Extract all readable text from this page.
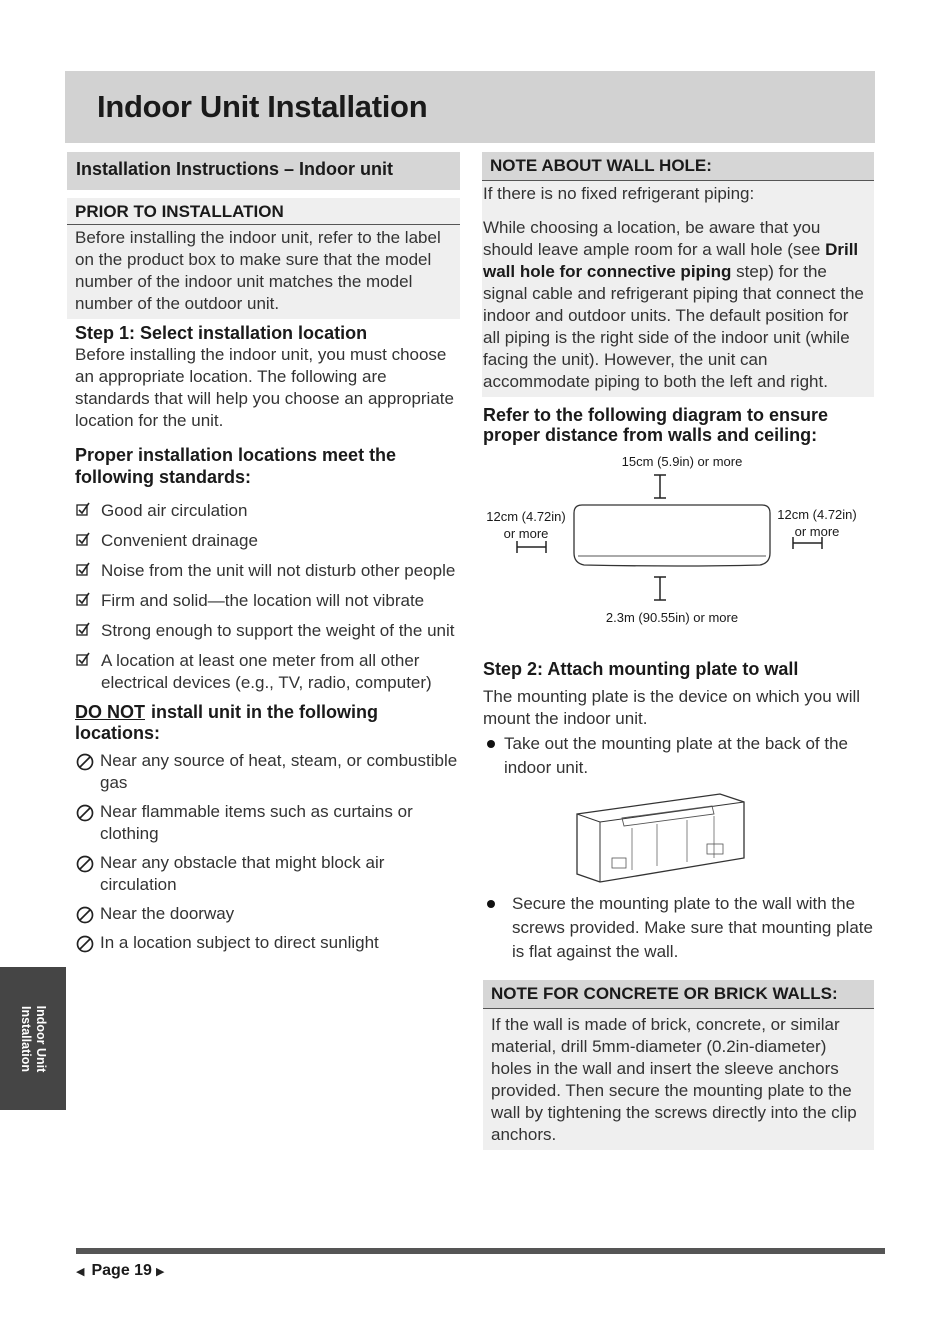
Indoor Unit Installation
Indoor Unit
Installation
Installation Instructions – Indoor unit
PRIOR TO INSTALLATION
Before installing the indoor unit, refer to the label on the product box to make sure that the model number of the indoor unit matches the model number of the outdoor unit.
Step 1: Select installation location
Before installing the indoor unit, you must choose an appropriate location. The following are standards that will help you choose an appropriate location for the unit.
Proper installation locations meet the following standards:
Good air circulation
Convenient drainage
Noise from the unit will not disturb other people
Firm and solid—the location will not vibrate
Strong enough to support the weight of the unit
A location at least one meter from all other electrical devices (e.g., TV, radio, computer)
DO NOT install unit in the following locations:
Near any source of heat, steam, or combustible gas
Near flammable items such as curtains or clothing
Near any obstacle that might block air circulation
Near the doorway
In a location subject to direct sunlight
NOTE ABOUT WALL HOLE:
If there is no fixed refrigerant piping:
While choosing a location, be aware that you should leave ample room for a wall hole (see Drill wall hole for connective piping step) for the signal cable and refrigerant piping that connect the indoor and outdoor units. The default position for all piping is the right side of the indoor unit (while facing the unit). However, the unit can accommodate piping to both the left and right.
Refer to the following diagram to ensure proper distance from walls and ceiling:
15cm (5.9in) or more
12cm (4.72in)
or more
12cm (4.72in)
or more
2.3m (90.55in) or more
Step 2: Attach mounting plate to wall
The mounting plate is the device on which you will mount the indoor unit.
Take out the mounting plate at the back of the indoor unit.
Secure the mounting plate to the wall with the screws provided. Make sure that mounting plate is flat against the wall.
NOTE FOR CONCRETE OR BRICK WALLS:
If the wall is made of brick, concrete, or similar material, drill 5mm-diameter (0.2in-diameter) holes in the wall and insert the sleeve anchors provided. Then secure the mounting plate to the wall by tightening the screws directly into the clip anchors.
◀ Page 19 ▶
